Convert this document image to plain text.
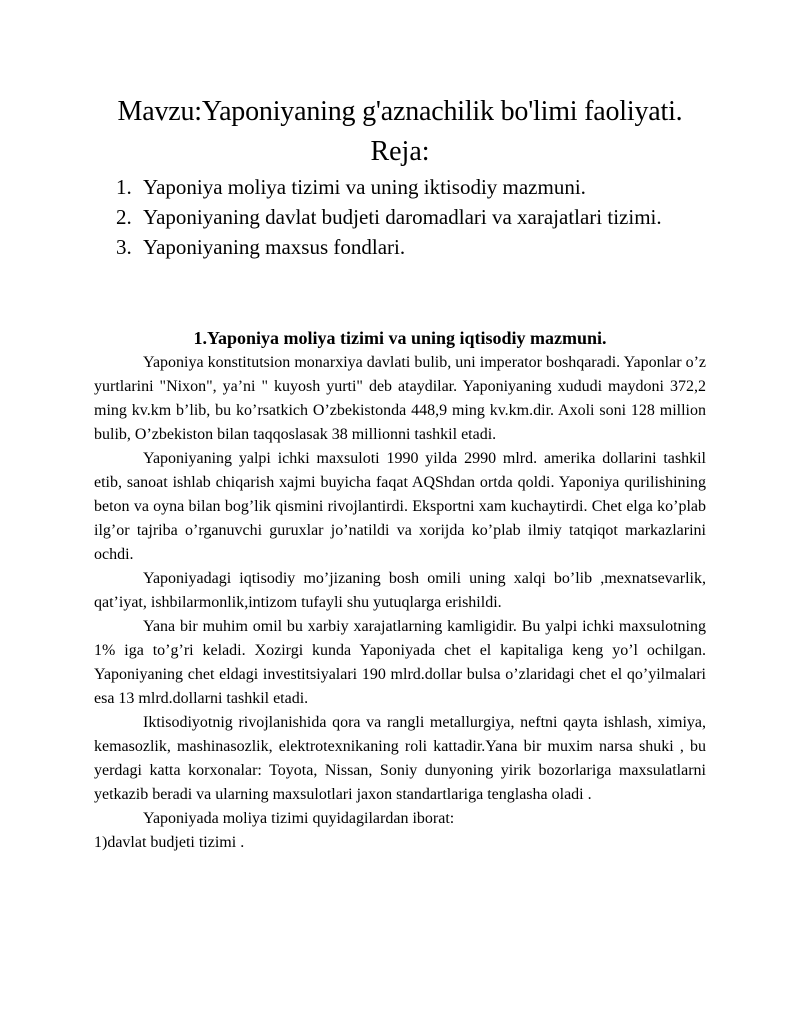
Mavzu:Yaponiyaning g'aznachilik bo'limi faoliyati.
Reja:
1. Yaponiya moliya tizimi va uning iktisodiy mazmuni.
2. Yaponiyaning davlat budjeti daromadlari va xarajatlari tizimi.
3. Yaponiyaning maxsus fondlari.
1.Yaponiya moliya tizimi va uning iqtisodiy mazmuni.

Yaponiya konstitutsion monarxiya davlati bulib, uni imperator boshqaradi. Yaponlar o’z yurtlarini "Nixon", ya’ni " kuyosh yurti" deb ataydilar. Yaponiyaning xududi maydoni 372,2 ming kv.km b’lib, bu ko’rsatkich O’zbekistonda 448,9 ming kv.km.dir. Axoli soni 128 million bulib, O’zbekiston bilan taqqoslasak 38 millionni tashkil etadi.

Yaponiyaning yalpi ichki maxsuloti 1990 yilda 2990 mlrd. amerika dollarini tashkil etib, sanoat ishlab chiqarish xajmi buyicha faqat AQShdan ortda qoldi. Yaponiya qurilishining beton va oyna bilan bog’lik qismini rivojlantirdi. Eksportni xam kuchaytirdi. Chet elga ko’plab ilg’or tajriba o’rganuvchi guruxlar jo’natildi va xorijda ko’plab ilmiy tatqiqot markazlarini ochdi.

Yaponiyadagi iqtisodiy mo’jizaning bosh omili uning xalqi bo’lib ,mexnatsevarlik, qat’iyat, ishbilarmonlik,intizom tufayli shu yutuqlarga erishildi.

Yana bir muhim omil bu xarbiy xarajatlarning kamligidir. Bu yalpi ichki maxsulotning 1% iga to’g’ri keladi. Xozirgi kunda Yaponiyada chet el kapitaliga keng yo’l ochilgan. Yaponiyaning chet eldagi investitsiyalari 190 mlrd.dollar bulsa o’zlaridagi chet el qo’yilmalari esa 13 mlrd.dollarni tashkil etadi.

Iktisodiyotnig rivojlanishida qora va rangli metallurgiya, neftni qayta ishlash, ximiya, kemasozlik, mashinasozlik, elektrotexnikaning roli kattadir.Yana bir muxim narsa shuki , bu yerdagi katta korxonalar: Toyota, Nissan, Soniy dunyoning yirik bozorlariga maxsulatlarni yetkazib beradi va ularning maxsulotlari jaxon standartlariga tenglasha oladi .

Yaponiyada moliya tizimi quyidagilardan iborat:

1)davlat budjeti tizimi .
